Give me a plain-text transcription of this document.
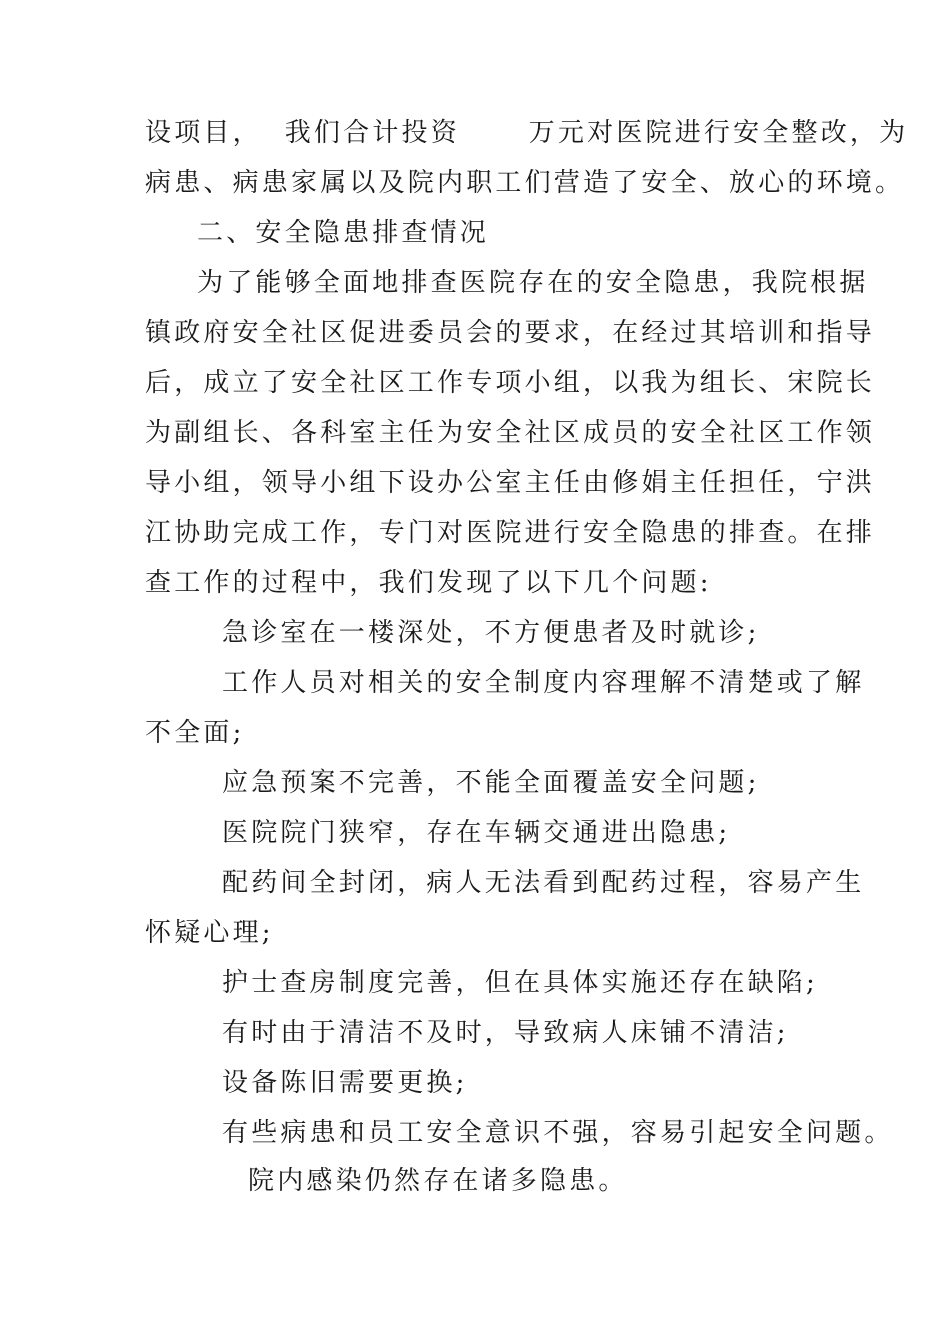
设项目，  我们合计投资      万元对医院进行安全整改，为
病患、病患家属以及院内职工们营造了安全、放心的环境。
二、安全隐患排查情况
为了能够全面地排查医院存在的安全隐患，我院根据
镇政府安全社区促进委员会的要求，在经过其培训和指导
后，成立了安全社区工作专项小组，以我为组长、宋院长
为副组长、各科室主任为安全社区成员的安全社区工作领
导小组，领导小组下设办公室主任由修娟主任担任，宁洪
江协助完成工作，专门对医院进行安全隐患的排查。在排
查工作的过程中，我们发现了以下几个问题:
急诊室在一楼深处，不方便患者及时就诊;
工作人员对相关的安全制度内容理解不清楚或了解
不全面;
应急预案不完善，不能全面覆盖安全问题;
医院院门狭窄，存在车辆交通进出隐患;
配药间全封闭，病人无法看到配药过程，容易产生
怀疑心理;
护士查房制度完善，但在具体实施还存在缺陷;
有时由于清洁不及时，导致病人床铺不清洁;
设备陈旧需要更换;
有些病患和员工安全意识不强，容易引起安全问题。
院内感染仍然存在诸多隐患。
